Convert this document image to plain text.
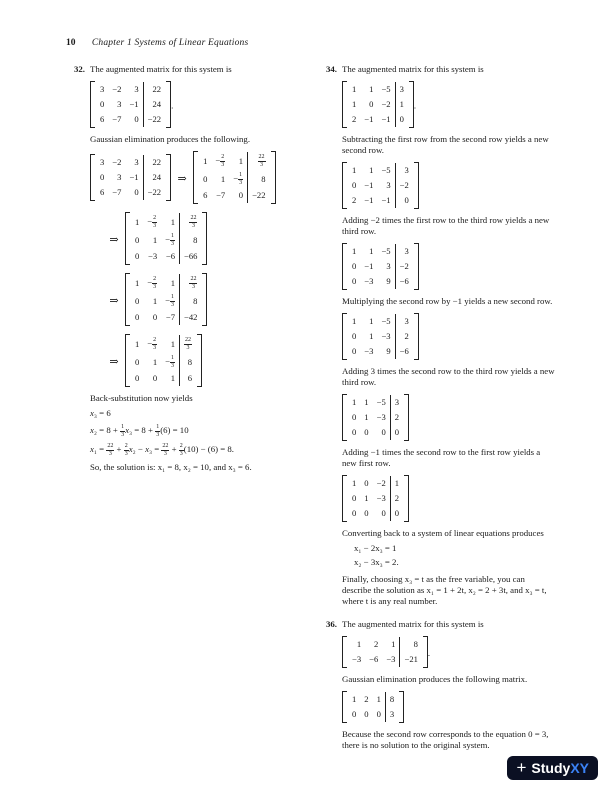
10 Chapter 1 Systems of Linear Equations
32. The augmented matrix for this system is

3	−2	3	22
0	3	−1	24
6	−7	0	−22
.

Gaussian elimination produces the following.

3	−2	3	22
0	3	−1	24
6	−7	0	−22
⇒
1	− $\frac{2}{3}$	1	$\frac{22}{3}$

0	1	− $\frac{1}{3}$	8
6	−7	0	−22
⇒
1	− $\frac{2}{3}$	1	$\frac{22}{3}$

0	1	− $\frac{1}{3}$	8
0	−3	−6	−66
⇒
1	− $\frac{2}{3}$	1	$\frac{22}{3}$

0	1	− $\frac{1}{3}$	8
0	0	−7	−42
⇒
1	− $\frac{2}{3}$	1	$\frac{22}{3}$

0	1	− $\frac{1}{3}$	8
0	0	1	6

Back-substitution now yields

x₃ = 6
$x_2 = 8 + \frac{1}{3} x_3 = 8 + \frac{1}{3} (6) = 10$
$x_1 = \frac{22}{3} + \frac{2}{3} x_2 - x_3 = \frac{22}{3} + \frac{2}{3} (10) - (6) = 8$.

So, the solution is: x₁ = 8, x₂ = 10, and x₃ = 6.

34. The augmented matrix for this system is

1	1	−5	3
1	0	−2	1
2	−1	−1	0
.

Subtracting the first row from the second row yields a new second row.

1	1	−5	3
0	−1	3	−2
2	−1	−1	0

Adding −2 times the first row to the third row yields a new third row.

1	1	−5	3
0	−1	3	−2
0	−3	9	−6

Multiplying the second row by −1 yields a new second row.

1	1	−5	3
0	1	−3	2
0	−3	9	−6

Adding 3 times the second row to the third row yields a new third row.

1	1	−5	3
0	1	−3	2
0	0	0	0

Adding −1 times the second row to the first row yields a new first row.

1	0	−2	1
0	1	−3	2
0	0	0	0

Converting back to a system of linear equations produces

x₁ − 2x₃ = 1
x₂ − 3x₃ = 2.

Finally, choosing x₃ = t as the free variable, you can describe the solution as x₁ = 1 + 2t, x₂ = 2 + 3t, and x₃ = t, where t is any real number.

36. The augmented matrix for this system is

1	2	1	8
−3	−6	−3	−21
.

Gaussian elimination produces the following matrix.

1	2	1	8
0	0	0	3

Because the second row corresponds to the equation 0 = 3, there is no solution to the original system.

+ StudyXY
